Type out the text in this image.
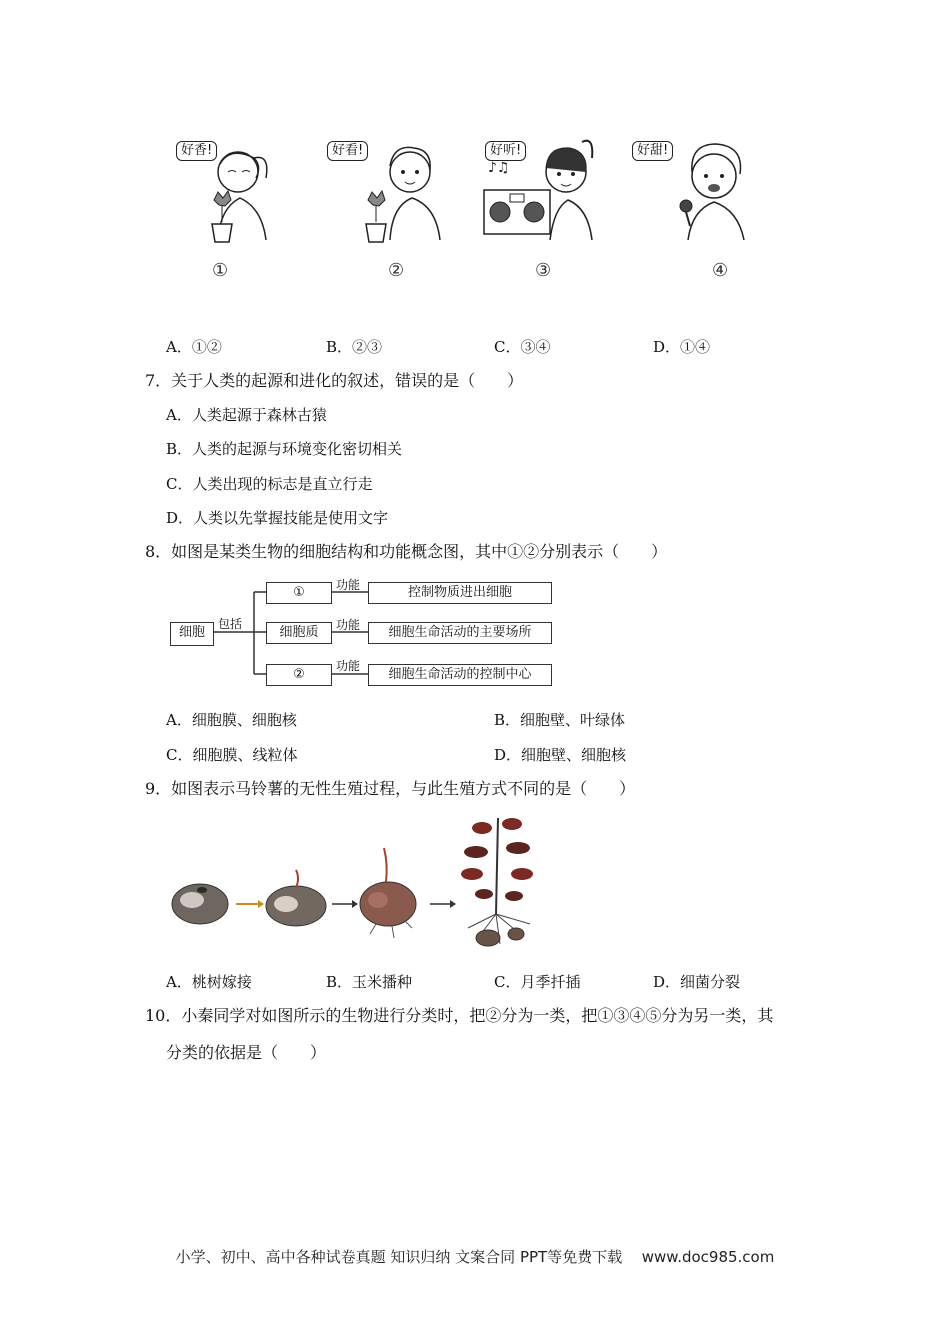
好香!	好看!	好听!
♪♫
好甜!
①	②	③	④
A．①②	B．②③	C．③④	D．①④
7．关于人类的起源和进化的叙述，错误的是（　　）
A．人类起源于森林古猿
B．人类的起源与环境变化密切相关
C．人类出现的标志是直立行走
D．人类以先掌握技能是使用文字
8．如图是某类生物的细胞结构和功能概念图，其中①②分别表示（　　）
细胞
包括
①
细胞质
②
功能
功能
功能
控制物质进出细胞
细胞生命活动的主要场所
细胞生命活动的控制中心
A．细胞膜、细胞核	B．细胞壁、叶绿体
C．细胞膜、线粒体	D．细胞壁、细胞核
9．如图表示马铃薯的无性生殖过程，与此生殖方式不同的是（　　）
A．桃树嫁接	B．玉米播种	C．月季扦插	D．细菌分裂
10．小秦同学对如图所示的生物进行分类时，把②分为一类，把①③④⑤分为另一类，其
分类的依据是（　　）
小学、初中、高中各种试卷真题 知识归纳 文案合同 PPT等免费下载 www.doc985.com
